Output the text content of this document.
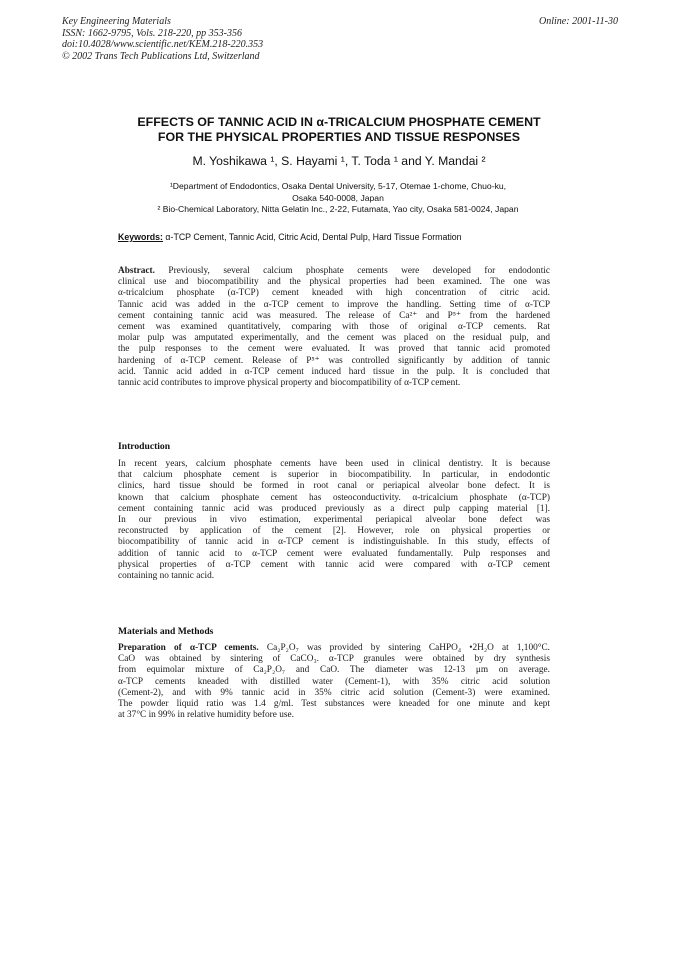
Key Engineering Materials
ISSN: 1662-9795, Vols. 218-220, pp 353-356
doi:10.4028/www.scientific.net/KEM.218-220.353
© 2002 Trans Tech Publications Ltd, Switzerland
Online: 2001-11-30
EFFECTS OF TANNIC ACID IN α-TRICALCIUM PHOSPHATE CEMENT
FOR THE PHYSICAL PROPERTIES AND TISSUE RESPONSES
M. Yoshikawa ¹, S. Hayami ¹, T. Toda ¹ and Y. Mandai ²
¹Department of Endodontics, Osaka Dental University, 5-17, Otemae 1-chome, Chuo-ku,
Osaka 540-0008, Japan
² Bio-Chemical Laboratory, Nitta Gelatin Inc., 2-22, Futamata, Yao city, Osaka 581-0024, Japan
Keywords: α-TCP Cement, Tannic Acid, Citric Acid, Dental Pulp, Hard Tissue Formation
Abstract. Previously, several calcium phosphate cements were developed for endodontic
clinical use and biocompatibility and the physical properties had been examined. The one was
α-tricalcium phosphate (α-TCP) cement kneaded with high concentration of citric acid.
Tannic acid was added in the α-TCP cement to improve the handling. Setting time of α-TCP
cement containing tannic acid was measured. The release of Ca²⁺ and P⁵⁺ from the hardened
cement was examined quantitatively, comparing with those of original α-TCP cements. Rat
molar pulp was amputated experimentally, and the cement was placed on the residual pulp, and
the pulp responses to the cement were evaluated. It was proved that tannic acid promoted
hardening of α-TCP cement. Release of P⁵⁺ was controlled significantly by addition of tannic
acid. Tannic acid added in α-TCP cement induced hard tissue in the pulp. It is concluded that
tannic acid contributes to improve physical property and biocompatibility of α-TCP cement.
Introduction
In recent years, calcium phosphate cements have been used in clinical dentistry. It is because
that calcium phosphate cement is superior in biocompatibility. In particular, in endodontic
clinics, hard tissue should be formed in root canal or periapical alveolar bone defect. It is
known that calcium phosphate cement has osteoconductivity. α-tricalcium phosphate (α-TCP)
cement containing tannic acid was produced previously as a direct pulp capping material [1].
In our previous in vivo estimation, experimental periapical alveolar bone defect was
reconstructed by application of the cement [2]. However, role on physical properties or
biocompatibility of tannic acid in α-TCP cement is indistinguishable. In this study, effects of
addition of tannic acid to α-TCP cement were evaluated fundamentally. Pulp responses and
physical properties of α-TCP cement with tannic acid were compared with α-TCP cement
containing no tannic acid.
Materials and Methods
Preparation of α-TCP cements. Ca₂P₂O₇ was provided by sintering CaHPO₄ •2H₂O at 1,100°C.
CaO was obtained by sintering of CaCO₃. α-TCP granules were obtained by dry synthesis
from equimolar mixture of Ca₂P₂O₇ and CaO. The diameter was 12-13 μm on average.
α-TCP cements kneaded with distilled water (Cement-1), with 35% citric acid solution
(Cement-2), and with 9% tannic acid in 35% citric acid solution (Cement-3) were examined.
The powder liquid ratio was 1.4 g/ml. Test substances were kneaded for one minute and kept
at 37°C in 99% in relative humidity before use.
